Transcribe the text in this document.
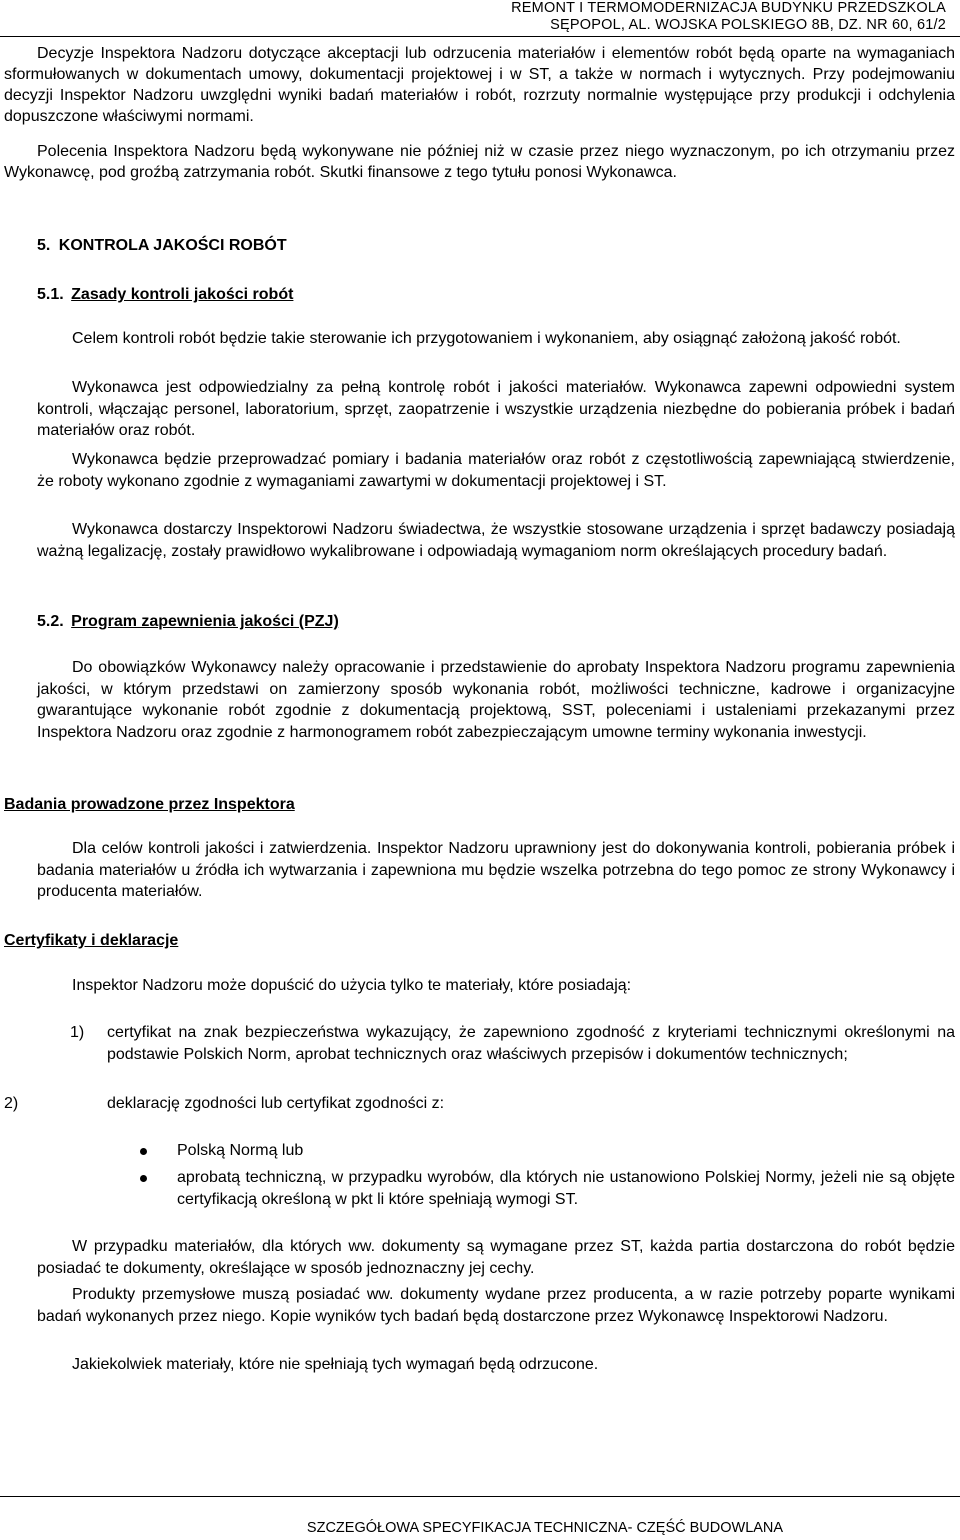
REMONT I TERMOMODERNIZACJA BUDYNKU PRZEDSZKOLA
SĘPOPOL, AL. WOJSKA POLSKIEGO 8B, DZ. NR 60, 61/2
Decyzje Inspektora Nadzoru dotyczące akceptacji lub odrzucenia materiałów i elementów robót będą oparte na wymaganiach sformułowanych w dokumentach umowy, dokumentacji projektowej i w ST, a także w normach i wytycznych. Przy podejmowaniu decyzji Inspektor Nadzoru uwzględni wyniki badań materiałów i robót, rozrzuty normalnie występujące przy produkcji i odchylenia dopuszczone właściwymi normami.
Polecenia Inspektora Nadzoru będą wykonywane nie później niż w czasie przez niego wyznaczonym, po ich otrzymaniu przez Wykonawcę, pod groźbą zatrzymania robót. Skutki finansowe z tego tytułu ponosi Wykonawca.
5. KONTROLA JAKOŚCI ROBÓT
5.1. Zasady kontroli jakości robót
Celem kontroli robót będzie takie sterowanie ich przygotowaniem i wykonaniem, aby osiągnąć założoną jakość robót.
Wykonawca jest odpowiedzialny za pełną kontrolę robót i jakości materiałów. Wykonawca zapewni odpowiedni system kontroli, włączając personel, laboratorium, sprzęt, zaopatrzenie i wszystkie urządzenia niezbędne do pobierania próbek i badań materiałów oraz robót.
Wykonawca będzie przeprowadzać pomiary i badania materiałów oraz robót z częstotliwością zapewniającą stwierdzenie, że roboty wykonano zgodnie z wymaganiami zawartymi w dokumentacji projektowej i ST.
Wykonawca dostarczy Inspektorowi Nadzoru świadectwa, że wszystkie stosowane urządzenia i sprzęt badawczy posiadają ważną legalizację, zostały prawidłowo wykalibrowane i odpowiadają wymaganiom norm określających procedury badań.
5.2. Program zapewnienia jakości (PZJ)
Do obowiązków Wykonawcy należy opracowanie i przedstawienie do aprobaty Inspektora Nadzoru programu zapewnienia jakości, w którym przedstawi on zamierzony sposób wykonania robót, możliwości techniczne, kadrowe i organizacyjne gwarantujące wykonanie robót zgodnie z dokumentacją projektową, SST, poleceniami i ustaleniami przekazanymi przez Inspektora Nadzoru oraz zgodnie z harmonogramem robót zabezpieczającym umowne terminy wykonania inwestycji.
Badania prowadzone przez Inspektora
Dla celów kontroli jakości i zatwierdzenia. Inspektor Nadzoru uprawniony jest do dokonywania kontroli, pobierania próbek i badania materiałów u źródła ich wytwarzania i zapewniona mu będzie wszelka potrzebna do tego pomoc ze strony Wykonawcy i producenta materiałów.
Certyfikaty i deklaracje
Inspektor Nadzoru może dopuścić do użycia tylko te materiały, które posiadają:
1) certyfikat na znak bezpieczeństwa wykazujący, że zapewniono zgodność z kryteriami technicznymi określonymi na podstawie Polskich Norm, aprobat technicznych oraz właściwych przepisów i dokumentów technicznych;
2)	deklarację zgodności lub certyfikat zgodności z:
Polską Normą lub
aprobatą techniczną, w przypadku wyrobów, dla których nie ustanowiono Polskiej Normy, jeżeli nie są objęte certyfikacją określoną w pkt li które spełniają wymogi ST.
W przypadku materiałów, dla których ww. dokumenty są wymagane przez ST, każda partia dostarczona do robót będzie posiadać te dokumenty, określające w sposób jednoznaczny jej cechy.
Produkty przemysłowe muszą posiadać ww. dokumenty wydane przez producenta, a w razie potrzeby poparte wynikami badań wykonanych przez niego. Kopie wyników tych badań będą dostarczone przez Wykonawcę Inspektorowi Nadzoru.
Jakiekolwiek materiały, które nie spełniają tych wymagań będą odrzucone.
SZCZEGÓŁOWA SPECYFIKACJA TECHNICZNA- CZĘŚĆ BUDOWLANA
